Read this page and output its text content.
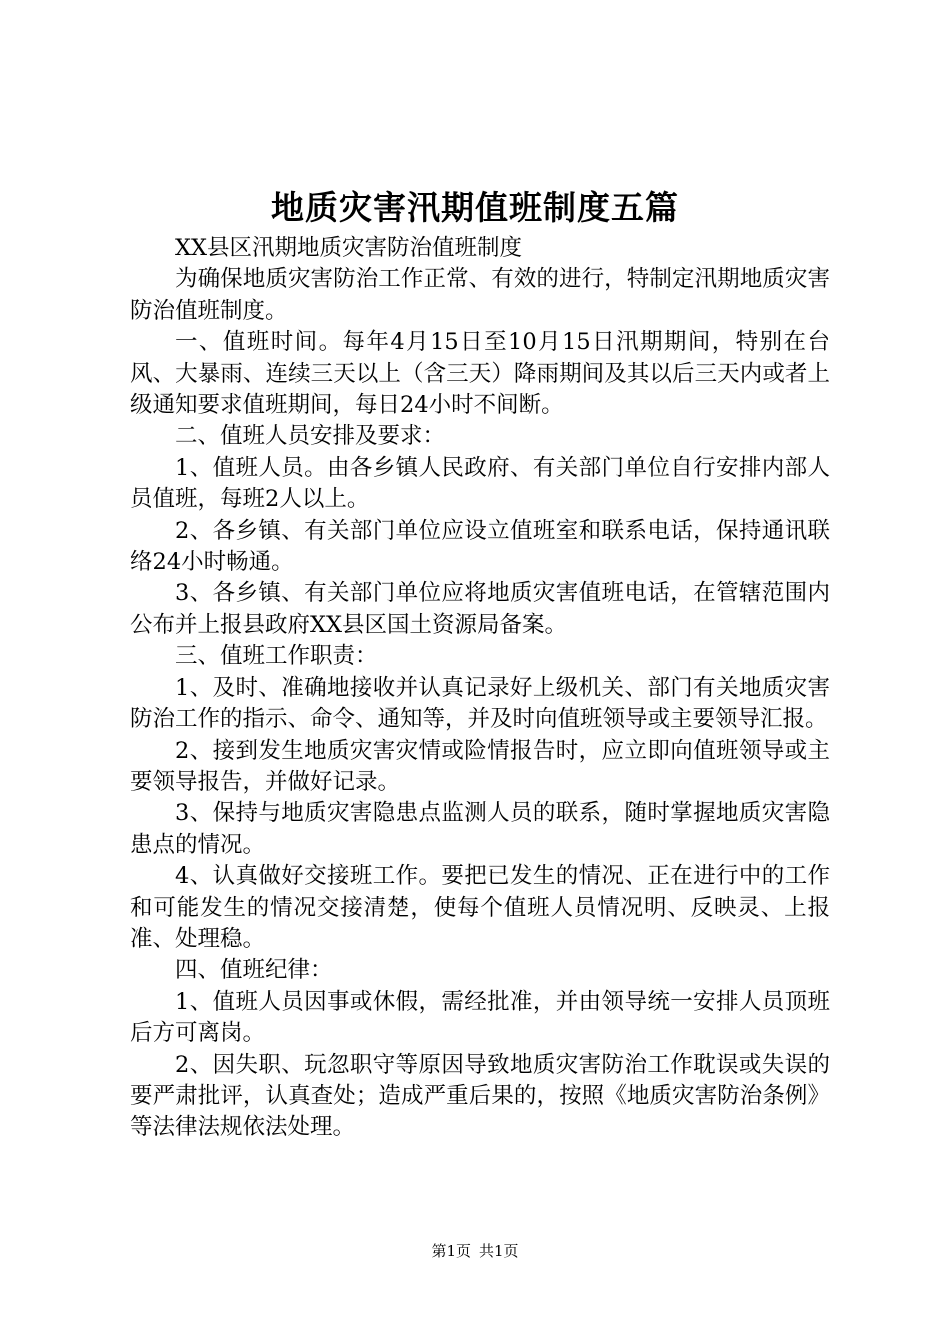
地质灾害汛期值班制度五篇

XX县区汛期地质灾害防治值班制度

为确保地质灾害防治工作正常、有效的进行，特制定汛期地质灾害防治值班制度。

一、值班时间。每年4月15日至10月15日汛期期间，特别在台风、大暴雨、连续三天以上（含三天）降雨期间及其以后三天内或者上级通知要求值班期间，每日24小时不间断。

二、值班人员安排及要求：

1、值班人员。由各乡镇人民政府、有关部门单位自行安排内部人员值班，每班2人以上。

2、各乡镇、有关部门单位应设立值班室和联系电话，保持通讯联络24小时畅通。

3、各乡镇、有关部门单位应将地质灾害值班电话，在管辖范围内公布并上报县政府XX县区国土资源局备案。

三、值班工作职责：

1、及时、准确地接收并认真记录好上级机关、部门有关地质灾害防治工作的指示、命令、通知等，并及时向值班领导或主要领导汇报。

2、接到发生地质灾害灾情或险情报告时，应立即向值班领导或主要领导报告，并做好记录。

3、保持与地质灾害隐患点监测人员的联系，随时掌握地质灾害隐患点的情况。

4、认真做好交接班工作。要把已发生的情况、正在进行中的工作和可能发生的情况交接清楚，使每个值班人员情况明、反映灵、上报准、处理稳。

四、值班纪律：

1、值班人员因事或休假，需经批准，并由领导统一安排人员顶班后方可离岗。

2、因失职、玩忽职守等原因导致地质灾害防治工作耽误或失误的要严肃批评，认真查处；造成严重后果的，按照《地质灾害防治条例》等法律法规依法处理。

第1页 共1页
